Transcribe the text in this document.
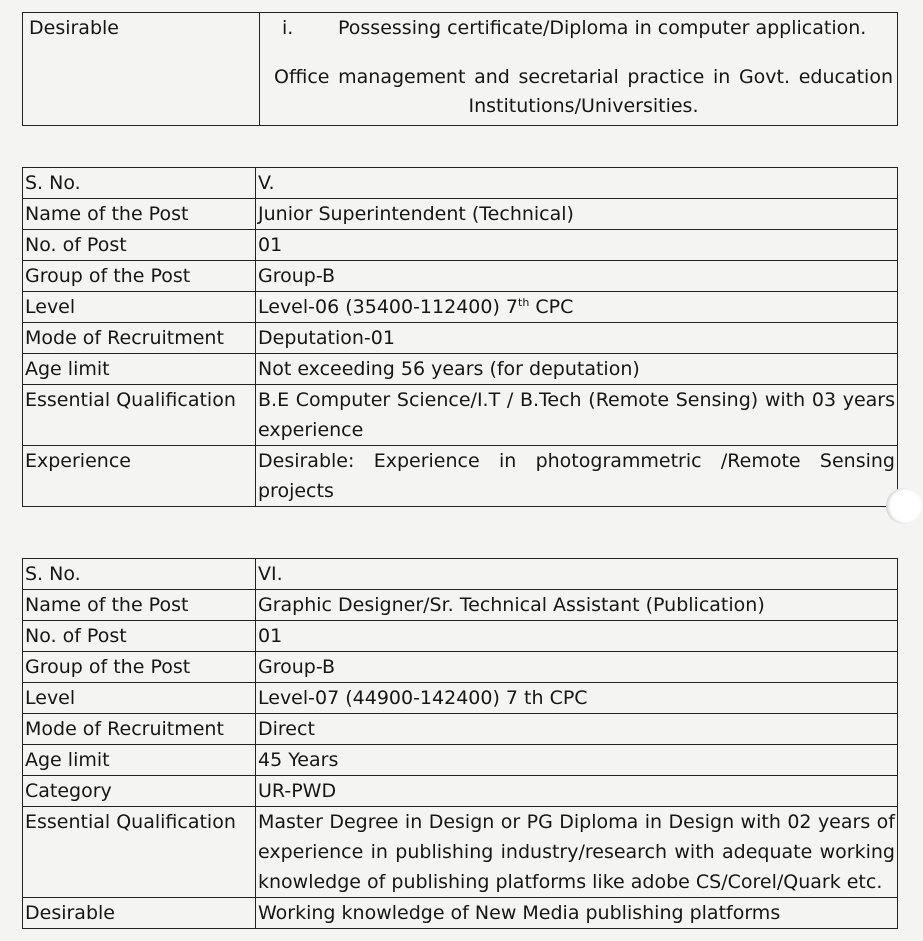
Desirable	i.	Possessing certificate/Diploma in computer application.
Office management and secretarial practice in Govt. education Institutions/Universities.
S. No.	V.
Name of the Post	Junior Superintendent (Technical)
No. of Post	01
Group of the Post	Group-B
Level	Level-06 (35400-112400) 7th CPC
Mode of Recruitment	Deputation-01
Age limit	Not exceeding 56 years (for deputation)
Essential Qualification	B.E Computer Science/I.T / B.Tech (Remote Sensing) with 03 years experience
Experience	Desirable: Experience in photogrammetric /Remote Sensing projects
S. No.	VI.
Name of the Post	Graphic Designer/Sr. Technical Assistant (Publication)
No. of Post	01
Group of the Post	Group-B
Level	Level-07 (44900-142400) 7 th CPC
Mode of Recruitment	Direct
Age limit	45 Years
Category	UR-PWD
Essential Qualification	Master Degree in Design or PG Diploma in Design with 02 years of experience in publishing industry/research with adequate working knowledge of publishing platforms like adobe CS/Corel/Quark etc.
Desirable	Working knowledge of New Media publishing platforms
